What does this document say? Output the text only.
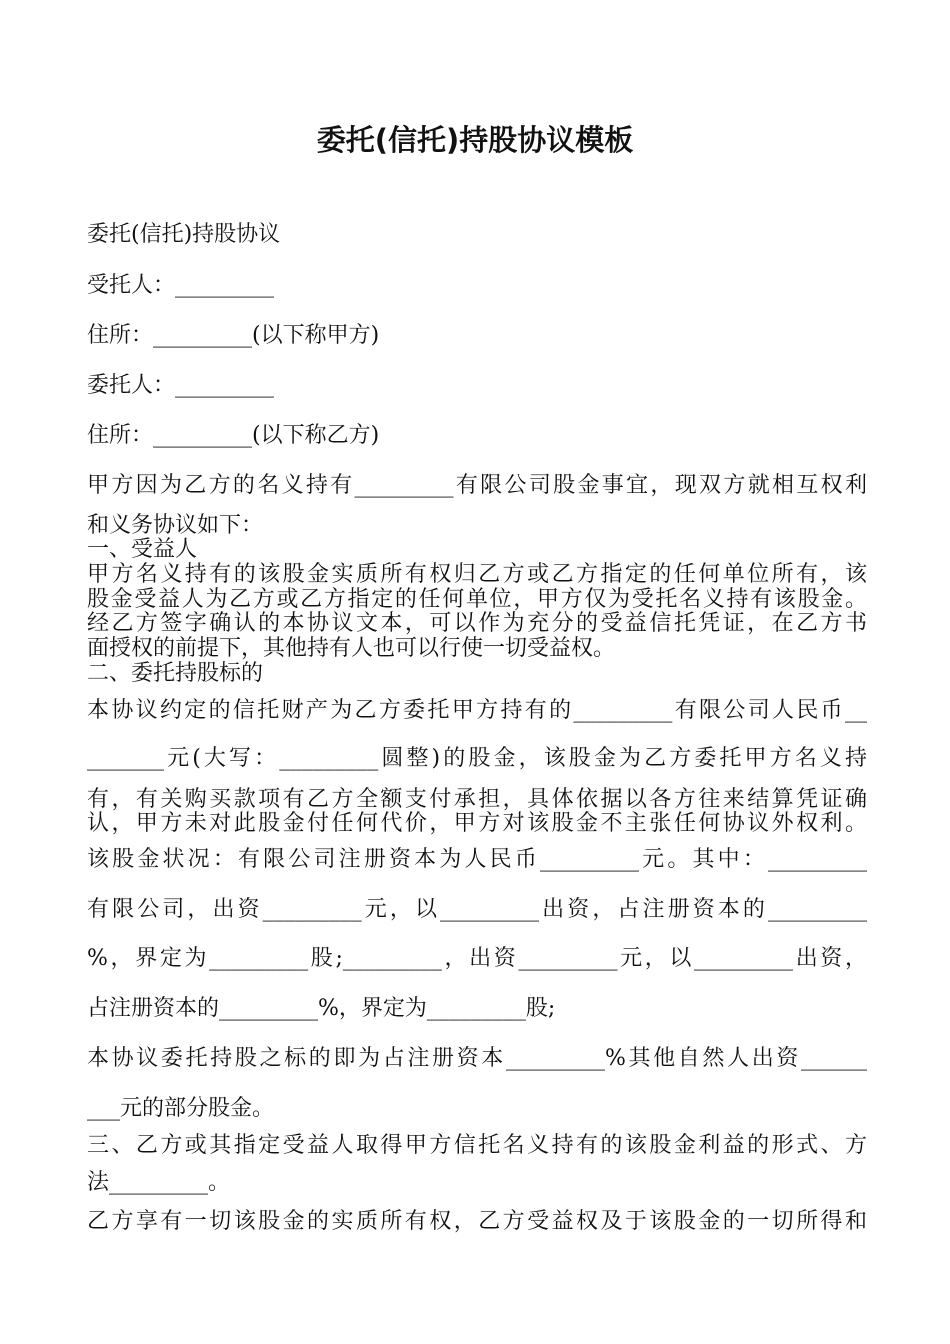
委托(信托)持股协议模板

委托(信托)持股协议

受托人：_________

住所：_________(以下称甲方)

委托人：_________

住所：_________(以下称乙方)

甲方因为乙方的名义持有_________有限公司股金事宜，现双方就相互权利

和义务协议如下：

一、受益人

甲方名义持有的该股金实质所有权归乙方或乙方指定的任何单位所有，该

股金受益人为乙方或乙方指定的任何单位，甲方仅为受托名义持有该股金。

经乙方签字确认的本协议文本，可以作为充分的受益信托凭证，在乙方书

面授权的前提下，其他持有人也可以行使一切受益权。

二、委托持股标的

本协议约定的信托财产为乙方委托甲方持有的_________有限公司人民币__

_______元(大写：_________圆整)的股金，该股金为乙方委托甲方名义持

有，有关购买款项有乙方全额支付承担，具体依据以各方往来结算凭证确

认，甲方未对此股金付任何代价，甲方对该股金不主张任何协议外权利。

该股金状况：有限公司注册资本为人民币_________元。其中：_________

有限公司，出资_________元，以_________出资，占注册资本的_________

%，界定为_________股;_________，出资_________元，以_________出资，

占注册资本的_________%，界定为_________股;

本协议委托持股之标的即为占注册资本_________%其他自然人出资______

___元的部分股金。

三、乙方或其指定受益人取得甲方信托名义持有的该股金利益的形式、方

法_________。

乙方享有一切该股金的实质所有权，乙方受益权及于该股金的一切所得和
